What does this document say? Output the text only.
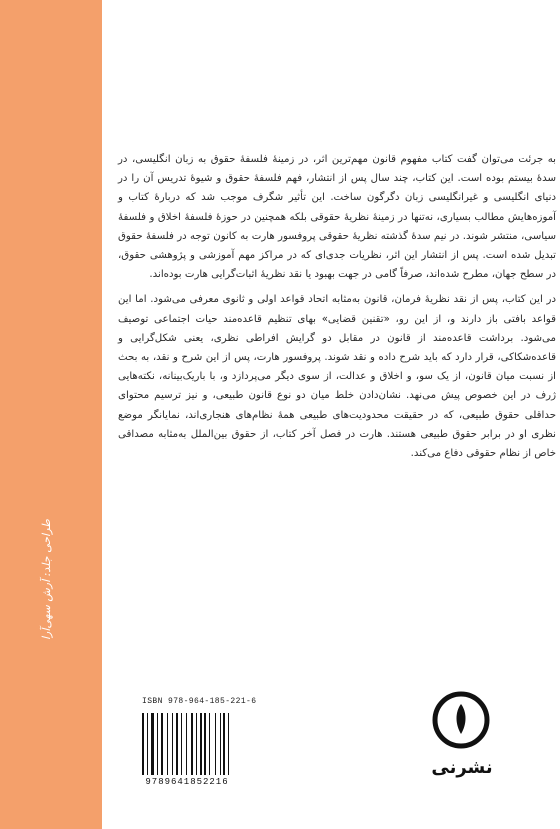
طراحی جلد: آرش سهی‌آرا

به جرئت می‌توان گفت کتاب مفهوم قانون مهم‌ترین اثر، در زمینهٔ فلسفهٔ حقوق به زبان انگلیسی، در سدهٔ بیستم بوده است. این کتاب، چند سال پس از انتشار، فهم فلسفهٔ حقوق و شیوهٔ تدریس آن را در دنیای انگلیسی و غیرانگلیسی زبان دگرگون ساخت. این تأثیر شگرف موجب شد که دربارهٔ کتاب و آموزه‌هایش مطالب بسیاری، نه‌تنها در زمینهٔ نظریهٔ حقوقی بلکه همچنین در حوزهٔ فلسفهٔ اخلاق و فلسفهٔ سیاسی، منتشر شوند. در نیم سدهٔ گذشته نظریهٔ حقوقی پروفسور هارت به کانون توجه در فلسفهٔ حقوق تبدیل شده است. پس از انتشار این اثر، نظریات جدی‌ای که در مراکز مهم آموزشی و پژوهشی حقوق، در سطح جهان، مطرح شده‌اند، صرفاً گامی در جهت بهبود یا نقد نظریهٔ اثبات‌گرایی هارت بوده‌اند.

در این کتاب، پس از نقد نظریهٔ فرمان، قانون به‌مثابه اتحاد قواعد اولی و ثانوی معرفی می‌شود. اما این قواعد بافتی باز دارند و، از این رو، «تقنین قضایی» بهای تنظیم قاعده‌مند حیات اجتماعی توصیف می‌شود. برداشت قاعده‌مند از قانون در مقابل دو گرایش افراطی نظری، یعنی شکل‌گرایی و قاعده‌شکاکی، قرار دارد که باید شرح داده و نقد شوند. پروفسور هارت، پس از این شرح و نقد، به بحث از نسبت میان قانون، از یک سو، و اخلاق و عدالت، از سوی دیگر می‌پردازد و، با باریک‌بینانه، نکته‌هایی ژرف در این خصوص پیش می‌نهد. نشان‌دادن خلط میان دو نوع قانون طبیعی، و نیز ترسیم محتوای حداقلی حقوق طبیعی، که در حقیقت محدودیت‌های طبیعی همهٔ نظام‌های هنجاری‌اند، نمایانگر موضع نظری او در برابر حقوق طبیعی هستند. هارت در فصل آخر کتاب، از حقوق بین‌الملل به‌مثابه مصداقی خاص از نظام حقوقی دفاع می‌کند.

ISBN 978-964-185-221-6
9789641852216
نشرنی
